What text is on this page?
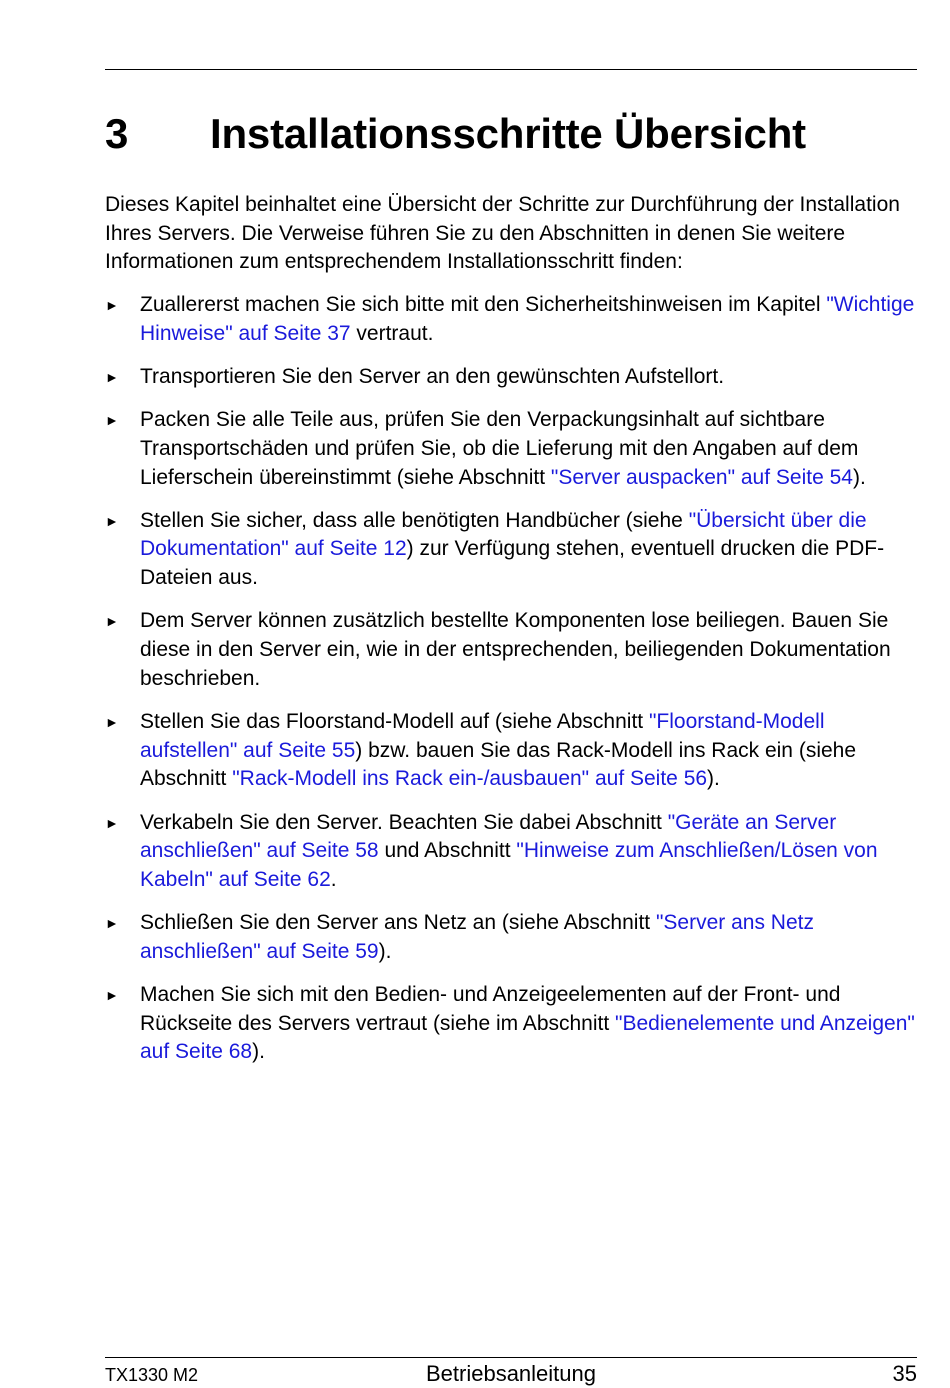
3 Installationsschritte Übersicht

Dieses Kapitel beinhaltet eine Übersicht der Schritte zur Durchführung der Installation Ihres Servers. Die Verweise führen Sie zu den Abschnitten in denen Sie weitere Informationen zum entsprechendem Installationsschritt finden:

► Zuallererst machen Sie sich bitte mit den Sicherheitshinweisen im Kapitel "Wichtige Hinweise" auf Seite 37 vertraut.
► Transportieren Sie den Server an den gewünschten Aufstellort.
► Packen Sie alle Teile aus, prüfen Sie den Verpackungsinhalt auf sichtbare Transportschäden und prüfen Sie, ob die Lieferung mit den Angaben auf dem Lieferschein übereinstimmt (siehe Abschnitt "Server auspacken" auf Seite 54).
► Stellen Sie sicher, dass alle benötigten Handbücher (siehe "Übersicht über die Dokumentation" auf Seite 12) zur Verfügung stehen, eventuell drucken die PDF-Dateien aus.
► Dem Server können zusätzlich bestellte Komponenten lose beiliegen. Bauen Sie diese in den Server ein, wie in der entsprechenden, beiliegenden Dokumentation beschrieben.
► Stellen Sie das Floorstand-Modell auf (siehe Abschnitt "Floorstand-Modell aufstellen" auf Seite 55) bzw. bauen Sie das Rack-Modell ins Rack ein (siehe Abschnitt "Rack-Modell ins Rack ein-/ausbauen" auf Seite 56).
► Verkabeln Sie den Server. Beachten Sie dabei Abschnitt "Geräte an Server anschließen" auf Seite 58 und Abschnitt "Hinweise zum Anschließen/Lösen von Kabeln" auf Seite 62.
► Schließen Sie den Server ans Netz an (siehe Abschnitt "Server ans Netz anschließen" auf Seite 59).
► Machen Sie sich mit den Bedien- und Anzeigeelementen auf der Front- und Rückseite des Servers vertraut (siehe im Abschnitt "Bedienelemente und Anzeigen" auf Seite 68).
TX1330 M2	Betriebsanleitung	35
